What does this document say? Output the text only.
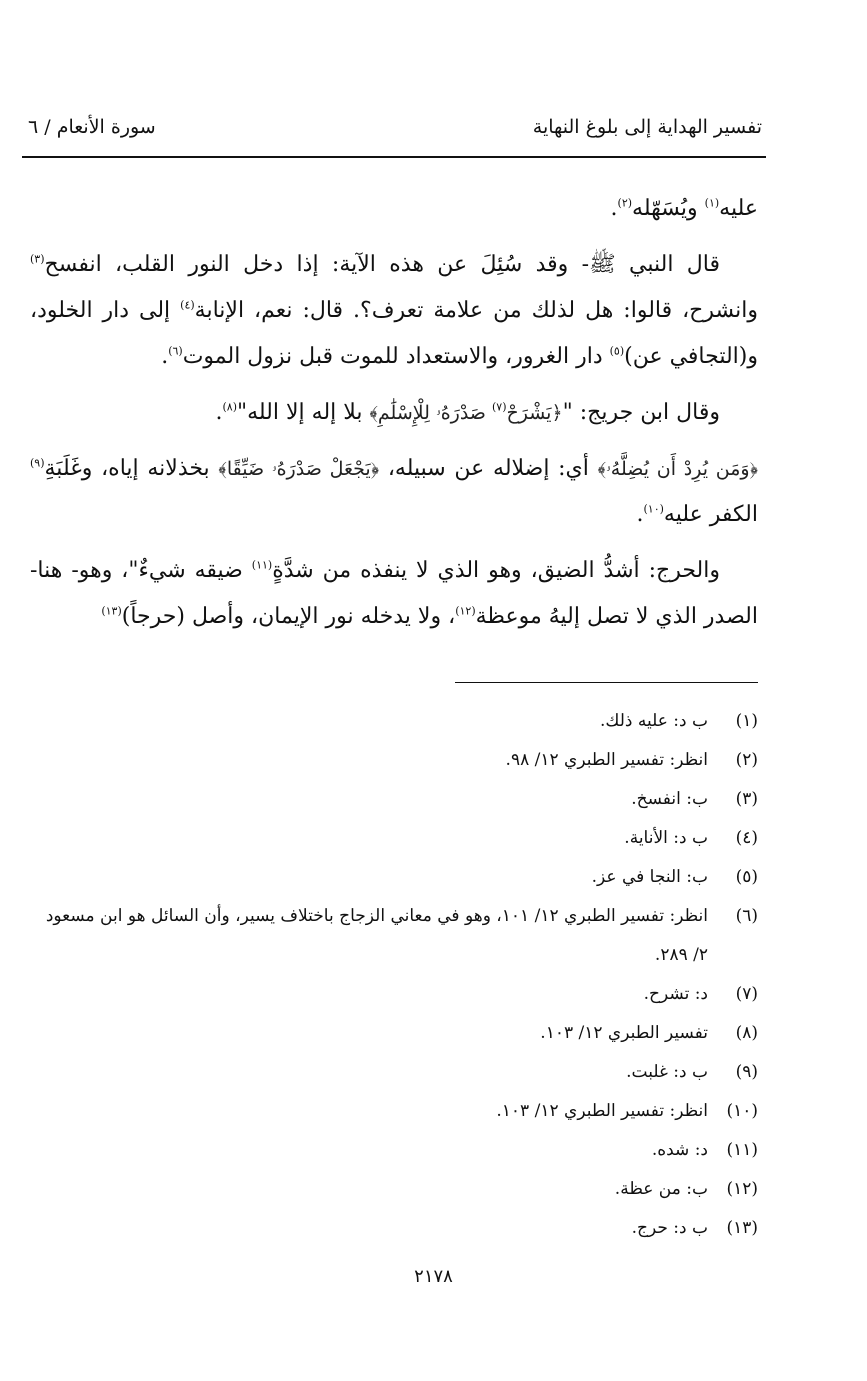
تفسير الهداية إلى بلوغ النهاية
سورة الأنعام / ٦

عليه$^{(١)}$ ويُسَهّله$^{(٢)}$.

قال النبي ﷺ- وقد سُئِلَ عن هذه الآية: إذا دخل النور القلب، انفسح$^{(٣)}$ وانشرح، قالوا: هل لذلك من علامة تعرف؟. قال: نعم، الإنابة$^{(٤)}$ إلى دار الخلود، و(التجافي عن)$^{(٥)}$ دار الغرور، والاستعداد للموت قبل نزول الموت$^{(٦)}$.

وقال ابن جريج: "﴿يَشْرَحْ$^{(٧)}$ صَدْرَهُۥ لِلْإِسْلَٰمِ﴾ بلا إله إلا الله"$^{(٨)}$.

﴿وَمَن يُرِدْ أَن يُضِلَّهُۥ﴾ أي: إضلاله عن سبيله، ﴿يَجْعَلْ صَدْرَهُۥ ضَيِّقًا﴾ بخذلانه إياه، وغَلَبَةِ$^{(٩)}$ الكفر عليه$^{(١٠)}$.

والحرج: أشدُّ الضيق، وهو الذي لا ينفذه من شدَّةٍ$^{(١١)}$ ضيقه شيءٌ"، وهو- هنا- الصدر الذي لا تصل إليهُ موعظة$^{(١٢)}$، ولا يدخله نور الإيمان، وأصل (حرجاً)$^{(١٣)}$

(١)
ب د: عليه ذلك.
(٢)
انظر: تفسير الطبري ١٢/ ٩٨.
(٣)
ب: انفسخ.
(٤)
ب د: الأناية.
(٥)
ب: النجا في عز.
(٦)
انظر: تفسير الطبري ١٢/ ١٠١، وهو في معاني الزجاج باختلاف يسير، وأن السائل هو ابن مسعود ٢/ ٢٨٩.
(٧)
د: تشرح.
(٨)
تفسير الطبري ١٢/ ١٠٣.
(٩)
ب د: غلبت.
(١٠)
انظر: تفسير الطبري ١٢/ ١٠٣.
(١١)
د: شده.
(١٢)
ب: من عظة.
(١٣)
ب د: حرج.
٢١٧٨
